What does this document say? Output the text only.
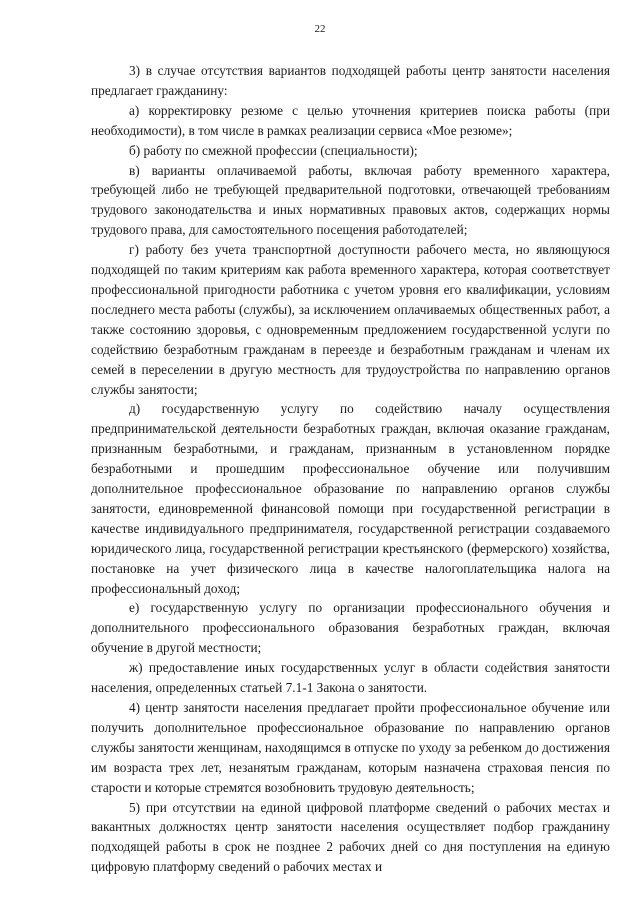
22

3) в случае отсутствия вариантов подходящей работы центр занятости населения предлагает гражданину:

а) корректировку резюме с целью уточнения критериев поиска работы (при необходимости), в том числе в рамках реализации сервиса «Мое резюме»;

б) работу по смежной профессии (специальности);

в) варианты оплачиваемой работы, включая работу временного характера, требующей либо не требующей предварительной подготовки, отвечающей требованиям трудового законодательства и иных нормативных правовых актов, содержащих нормы трудового права, для самостоятельного посещения работодателей;

г) работу без учета транспортной доступности рабочего места, но являющуюся подходящей по таким критериям как работа временного характера, которая соответствует профессиональной пригодности работника с учетом уровня его квалификации, условиям последнего места работы (службы), за исключением оплачиваемых общественных работ, а также состоянию здоровья, с одновременным предложением государственной услуги по содействию безработным гражданам в переезде и безработным гражданам и членам их семей в переселении в другую местность для трудоустройства по направлению органов службы занятости;

д) государственную услугу по содействию началу осуществления предпринимательской деятельности безработных граждан, включая оказание гражданам, признанным безработными, и гражданам, признанным в установленном порядке безработными и прошедшим профессиональное обучение или получившим дополнительное профессиональное образование по направлению органов службы занятости, единовременной финансовой помощи при государственной регистрации в качестве индивидуального предпринимателя, государственной регистрации создаваемого юридического лица, государственной регистрации крестьянского (фермерского) хозяйства, постановке на учет физического лица в качестве налогоплательщика налога на профессиональный доход;

е) государственную услугу по организации профессионального обучения и дополнительного профессионального образования безработных граждан, включая обучение в другой местности;

ж) предоставление иных государственных услуг в области содействия занятости населения, определенных статьей 7.1-1 Закона о занятости.

4) центр занятости населения предлагает пройти профессиональное обучение или получить дополнительное профессиональное образование по направлению органов службы занятости женщинам, находящимся в отпуске по уходу за ребенком до достижения им возраста трех лет, незанятым гражданам, которым назначена страховая пенсия по старости и которые стремятся возобновить трудовую деятельность;

5) при отсутствии на единой цифровой платформе сведений о рабочих местах и вакантных должностях центр занятости населения осуществляет подбор гражданину подходящей работы в срок не позднее 2 рабочих дней со дня поступления на единую цифровую платформу сведений о рабочих местах и
